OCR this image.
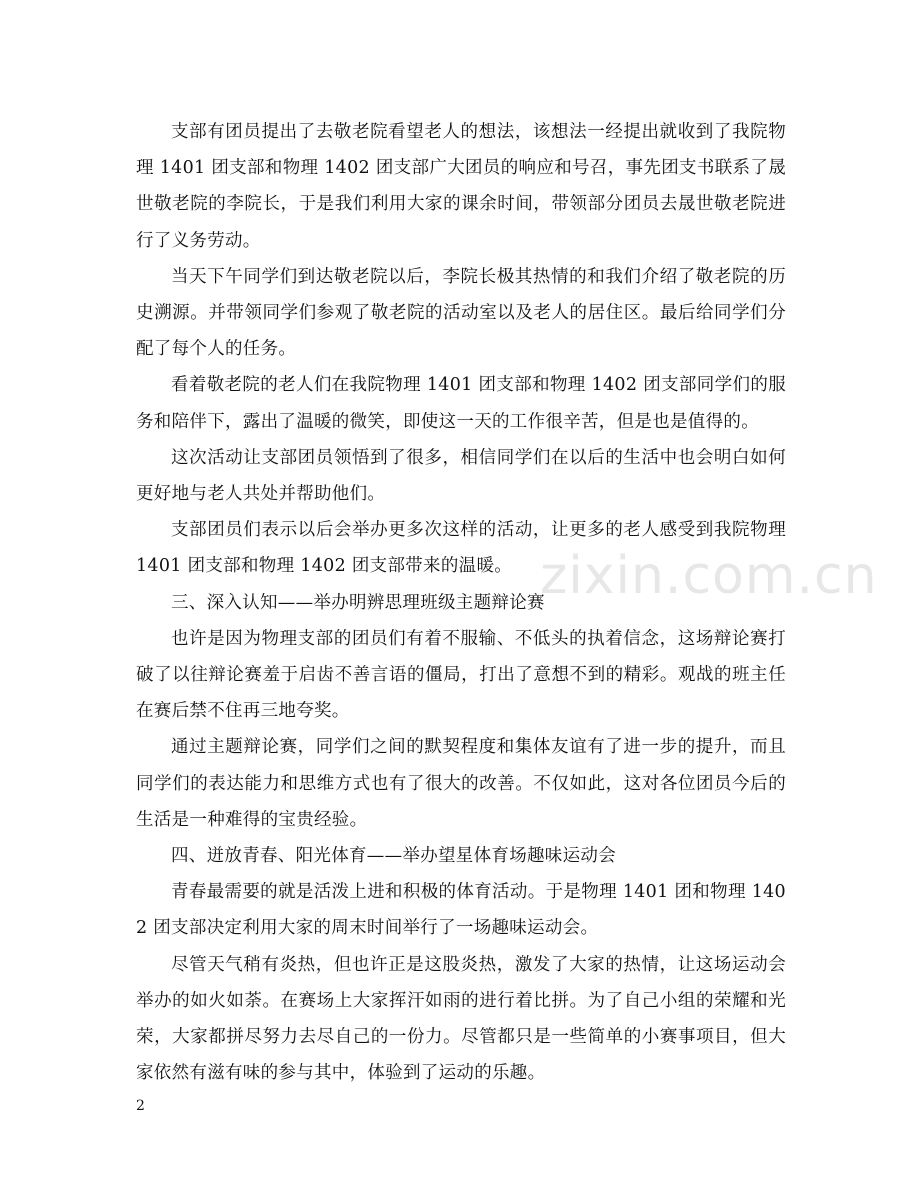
zixin.com.cn

支部有团员提出了去敬老院看望老人的想法，该想法一经提出就收到了我院物理 1401 团支部和物理 1402 团支部广大团员的响应和号召，事先团支书联系了晟世敬老院的李院长，于是我们利用大家的课余时间，带领部分团员去晟世敬老院进行了义务劳动。

当天下午同学们到达敬老院以后，李院长极其热情的和我们介绍了敬老院的历史溯源。并带领同学们参观了敬老院的活动室以及老人的居住区。最后给同学们分配了每个人的任务。

看着敬老院的老人们在我院物理 1401 团支部和物理 1402 团支部同学们的服务和陪伴下，露出了温暖的微笑，即使这一天的工作很辛苦，但是也是值得的。

这次活动让支部团员领悟到了很多，相信同学们在以后的生活中也会明白如何更好地与老人共处并帮助他们。

支部团员们表示以后会举办更多次这样的活动，让更多的老人感受到我院物理 1401 团支部和物理 1402 团支部带来的温暖。

三、深入认知——举办明辨思理班级主题辩论赛

也许是因为物理支部的团员们有着不服输、不低头的执着信念，这场辩论赛打破了以往辩论赛羞于启齿不善言语的僵局，打出了意想不到的精彩。观战的班主任在赛后禁不住再三地夸奖。

通过主题辩论赛，同学们之间的默契程度和集体友谊有了进一步的提升，而且同学们的表达能力和思维方式也有了很大的改善。不仅如此，这对各位团员今后的生活是一种难得的宝贵经验。

四、迸放青春、阳光体育——举办望星体育场趣味运动会

青春最需要的就是活泼上进和积极的体育活动。于是物理 1401 团和物理 1402 团支部决定利用大家的周末时间举行了一场趣味运动会。

尽管天气稍有炎热，但也许正是这股炎热，激发了大家的热情，让这场运动会举办的如火如荼。在赛场上大家挥汗如雨的进行着比拼。为了自己小组的荣耀和光荣，大家都拼尽努力去尽自己的一份力。尽管都只是一些简单的小赛事项目，但大家依然有滋有味的参与其中，体验到了运动的乐趣。

2
